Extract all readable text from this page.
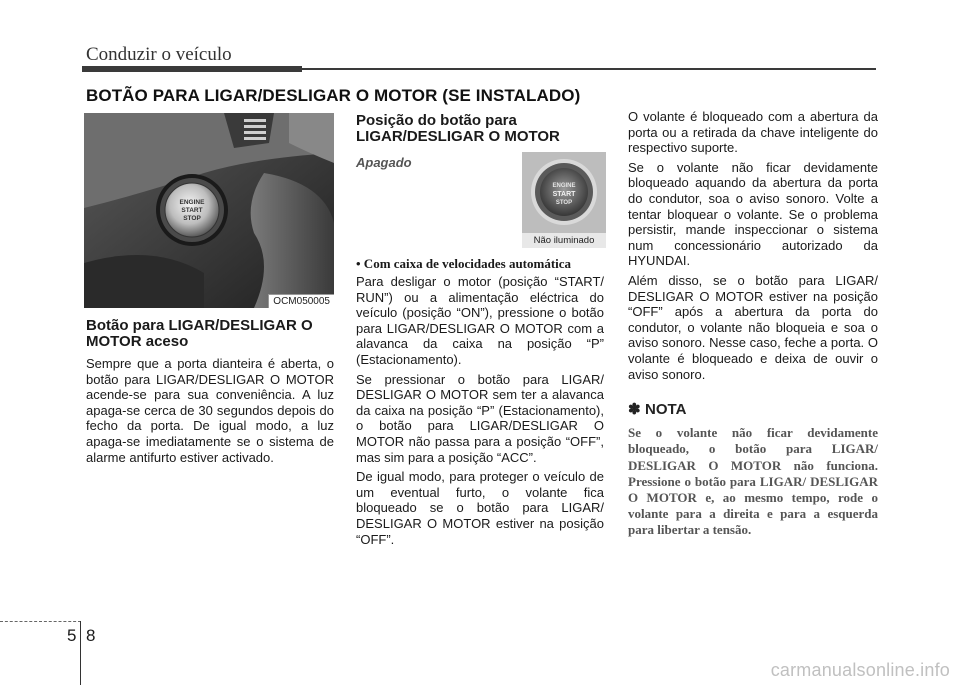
Conduzir o veículo
BOTÃO PARA LIGAR/DESLIGAR O MOTOR (SE INSTALADO)
ENGINE
START
STOP
OCM050005
Botão para LIGAR/DESLIGAR O MOTOR aceso

Sempre que a porta dianteira é aberta, o botão para LIGAR/DESLIGAR O MOTOR acende-se para sua conveniência. A luz apaga-se cerca de 30 segundos depois do fecho da porta. De igual modo, a luz apaga-se imediatamente se o sistema de alarme antifurto estiver activado.

Posição do botão para LIGAR/DESLIGAR O MOTOR
Apagado
ENGINE
START
STOP
Não iluminado

• Com caixa de velocidades automática

Para desligar o motor (posição “START/ RUN”) ou a alimentação eléctrica do veículo (posição “ON”), pressione o botão para LIGAR/DESLIGAR O MOTOR com a alavanca da caixa na posição “P” (Estacionamento).

Se pressionar o botão para LIGAR/ DESLIGAR O MOTOR sem ter a alavanca da caixa na posição “P” (Estacionamento), o botão para LIGAR/DESLIGAR O MOTOR não passa para a posição “OFF”, mas sim para a posição “ACC”.

De igual modo, para proteger o veículo de um eventual furto, o volante fica bloqueado se o botão para LIGAR/ DESLIGAR O MOTOR estiver na posição “OFF”.

O volante é bloqueado com a abertura da porta ou a retirada da chave inteligente do respectivo suporte.

Se o volante não ficar devidamente bloqueado aquando da abertura da porta do condutor, soa o aviso sonoro. Volte a tentar bloquear o volante. Se o problema persistir, mande inspeccionar o sistema num concessionário autorizado da HYUNDAI.

Além disso, se o botão para LIGAR/ DESLIGAR O MOTOR estiver na posição “OFF” após a abertura da porta do condutor, o volante não bloqueia e soa o aviso sonoro. Nesse caso, feche a porta. O volante é bloqueado e deixa de ouvir o aviso sonoro.

✽ NOTA

Se o volante não ficar devidamente bloqueado, o botão para LIGAR/ DESLIGAR O MOTOR não funciona. Pressione o botão para LIGAR/ DESLIGAR O MOTOR e, ao mesmo tempo, rode o volante para a direita e para a esquerda para libertar a tensão.

5 8
carmanualsonline.info
